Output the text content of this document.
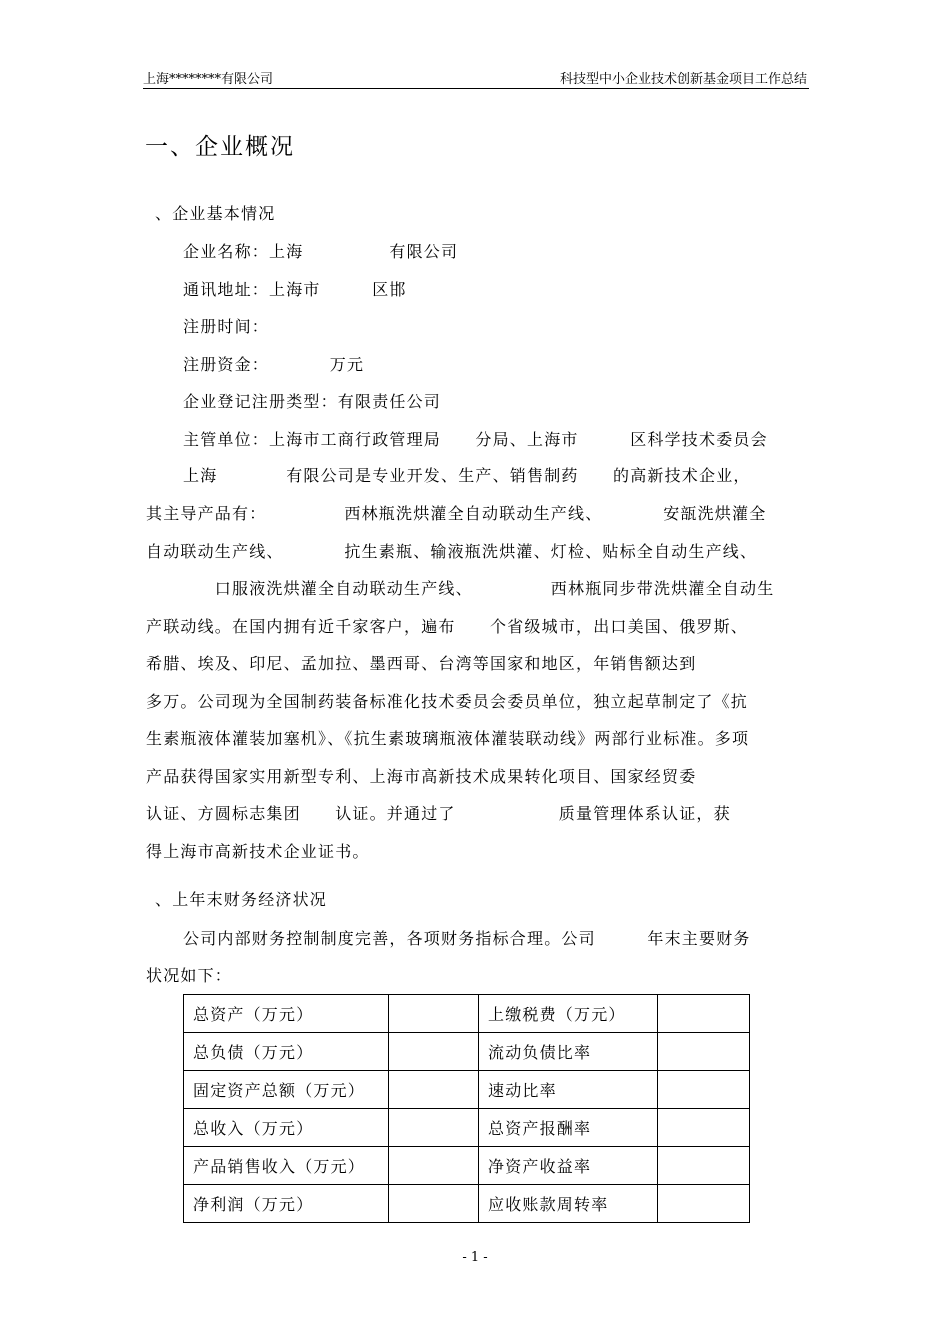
上海********有限公司	科技型中小企业技术创新基金项目工作总结
一、企业概况
、企业基本情况
企业名称：上海　　　　　有限公司
通讯地址：上海市　　　区邯
注册时间：
注册资金：　　　　万元
企业登记注册类型：有限责任公司
主管单位：上海市工商行政管理局　　分局、上海市　　　区科学技术委员会
上海　　　　有限公司是专业开发、生产、销售制药　　的高新技术企业，
其主导产品有：　　　　　西林瓶洗烘灌全自动联动生产线、　　　　安瓿洗烘灌全
自动联动生产线、　　　　抗生素瓶、输液瓶洗烘灌、灯检、贴标全自动生产线、
　　　　口服液洗烘灌全自动联动生产线、　　　　　西林瓶同步带洗烘灌全自动生
产联动线。在国内拥有近千家客户，遍布　　个省级城市，出口美国、俄罗斯、
希腊、埃及、印尼、孟加拉、墨西哥、台湾等国家和地区，年销售额达到
多万。公司现为全国制药装备标准化技术委员会委员单位，独立起草制定了《抗
生素瓶液体灌装加塞机》、《抗生素玻璃瓶液体灌装联动线》两部行业标准。多项
产品获得国家实用新型专利、上海市高新技术成果转化项目、国家经贸委
认证、方圆标志集团　　认证。并通过了　　　　　　质量管理体系认证，获
得上海市高新技术企业证书。
、上年末财务经济状况
公司内部财务控制制度完善，各项财务指标合理。公司　　　年末主要财务
状况如下：
总资产（万元）		上缴税费（万元）	
总负债（万元）		流动负债比率	
固定资产总额（万元）		速动比率	
总收入（万元）		总资产报酬率	
产品销售收入（万元）		净资产收益率	
净利润（万元）		应收账款周转率	
- 1 -
